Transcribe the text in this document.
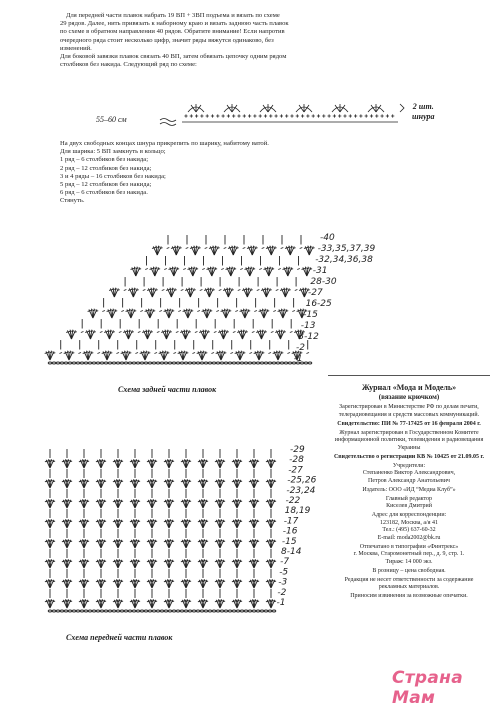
Для передней части плавок набрать 19 ВП + 3ВП подъема и вязать по схеме
29 рядов. Далее, нить привязать к наборному краю и вязать заднюю часть плавок
по схеме в обратном направлении 40 рядов. Обратите внимание! Если напротив
очередного ряда стоит несколько цифр, значит ряды вяжутся одинаково, без
изменений.
Для боковой завязки плавок связать 40 ВП, затем обвязать цепочку одним рядом
столбиков без накида. Следующий ряд по схеме:
55–60 см
2 шт.
шнура
На двух свободных концах шнура прикрепить по шарику, набитому ватой.
Для шарика: 5 ВП замкнуть в кольцо;
1 ряд – 6 столбиков без накида;
2 ряд – 12 столбиков без накида;
3 и 4 ряды – 16 столбиков без накида;
5 ряд – 12 столбиков без накида;
6 ряд – 6 столбиков без накида.
Стянуть.
-40
-33,35,37,39
-32,34,36,38
-31
28-30
-27
16-25
-15
-13
3-12
-2
-1
-29
-28
-27
-25,26
-23,24
-22
18,19
-17
-16
-15
8-14
-7
-5
-3
-2
-1
Схема задней части плавок
Схема передней части плавок
Журнал «Мода и Модель»
(вязание крючком)

Зарегистрирован в Министерстве РФ по делам печати, телерадиовещания и средств массовых коммуникаций.

Свидетельство: ПИ № 77-17425 от 16 февраля 2004 г.

Журнал зарегистрирован в Государственном Комитете информационной политики, телевидения и радиовещания Украины

Свидетельство о регистрации КВ № 10425 от 21.09.05 г.

Учредители:

Степаненко Виктор Александрович,

Петров Александр Анатольевич

Издатель: ООО «ИД “Медиа Клуб”»

Главный редактор

Киселев Дмитрий

Адрес для корреспонденции:

123182, Москва, а/я 41

Тел.: (495) 637-60-32

E-mail: moda2002@bk.ru

Отпечатано в типографии «Финтрекс»

г. Москва, Старомонетный пер., д. 9, стр. 1.

Тираж: 14 000 экз.

В розницу – цена свободная.

Редакция не несет ответственности за содержание рекламных материалов.

Приносим извинения за возможные опечатки.

Страна Мам
